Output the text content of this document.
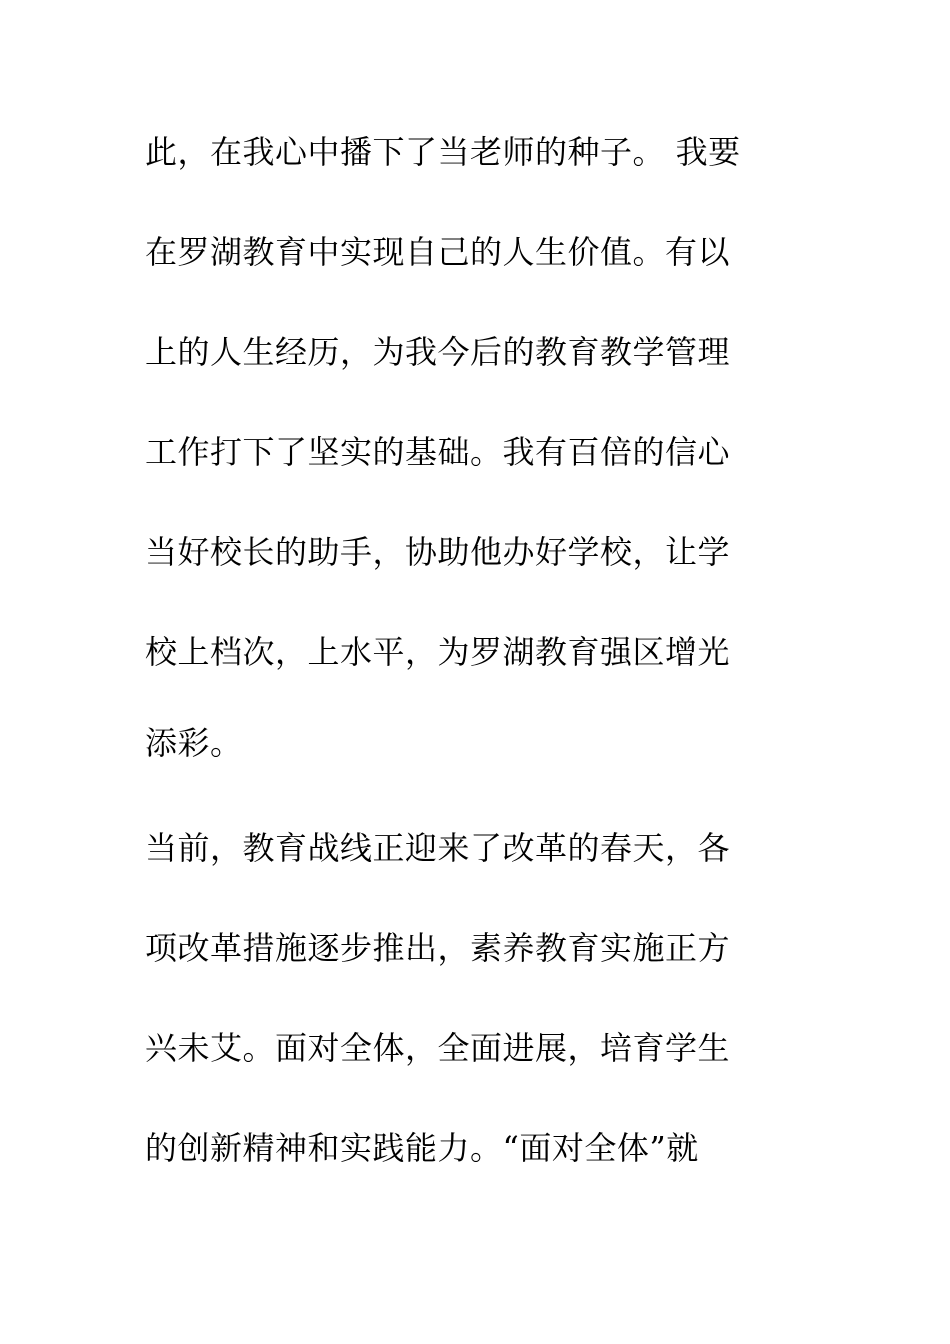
此，在我心中播下了当老师的种子。 我要

在罗湖教育中实现自己的人生价值。有以

上的人生经历，为我今后的教育教学管理

工作打下了坚实的基础。我有百倍的信心

当好校长的助手，协助他办好学校，让学

校上档次，上水平，为罗湖教育强区增光

添彩。

当前，教育战线正迎来了改革的春天，各

项改革措施逐步推出，素养教育实施正方

兴未艾。面对全体，全面进展，培育学生

的创新精神和实践能力。“面对全体”就
